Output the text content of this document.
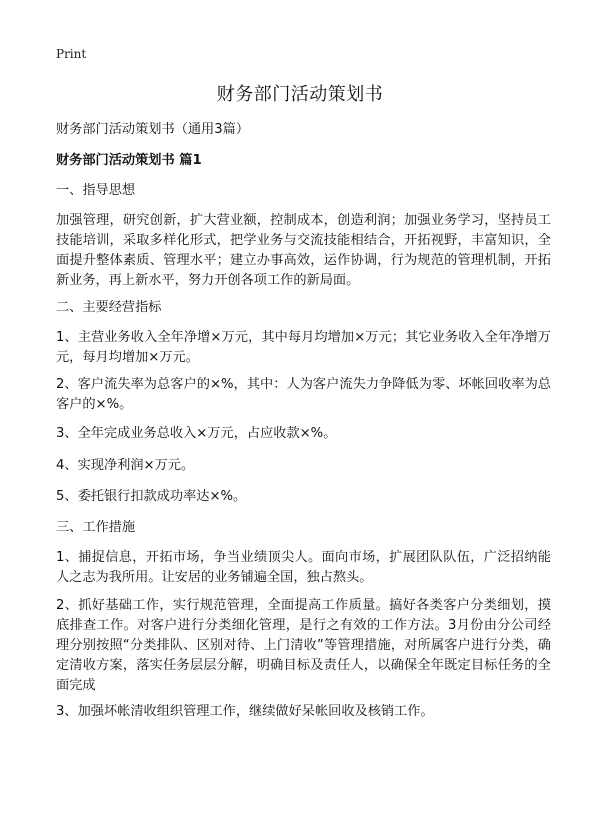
Print
财务部门活动策划书

财务部门活动策划书（通用3篇）

财务部门活动策划书 篇1

一、指导思想

加强管理，研究创新，扩大营业额，控制成本，创造利润；加强业务学习，坚持员工技能培训，采取多样化形式，把学业务与交流技能相结合，开拓视野，丰富知识，全面提升整体素质、管理水平；建立办事高效，运作协调，行为规范的管理机制，开拓新业务，再上新水平，努力开创各项工作的新局面。

二、主要经营指标

1、主营业务收入全年净增×万元，其中每月均增加×万元；其它业务收入全年净增万元，每月均增加×万元。

2、客户流失率为总客户的×%，其中：人为客户流失力争降低为零、坏帐回收率为总客户的×%。

3、全年完成业务总收入×万元，占应收款×%。

4、实现净利润×万元。

5、委托银行扣款成功率达×%。

三、工作措施

1、捕捉信息，开拓市场，争当业绩顶尖人。面向市场，扩展团队队伍，广泛招纳能人之志为我所用。让安居的业务铺遍全国，独占熬头。

2、抓好基础工作，实行规范管理，全面提高工作质量。搞好各类客户分类细划，摸底排查工作。对客户进行分类细化管理，是行之有效的工作方法。3月份由分公司经理分别按照“分类排队、区别对待、上门清收”等管理措施，对所属客户进行分类，确定清收方案，落实任务层层分解，明确目标及责任人，以确保全年既定目标任务的全面完成

3、加强坏帐清收组织管理工作，继续做好呆帐回收及核销工作。
